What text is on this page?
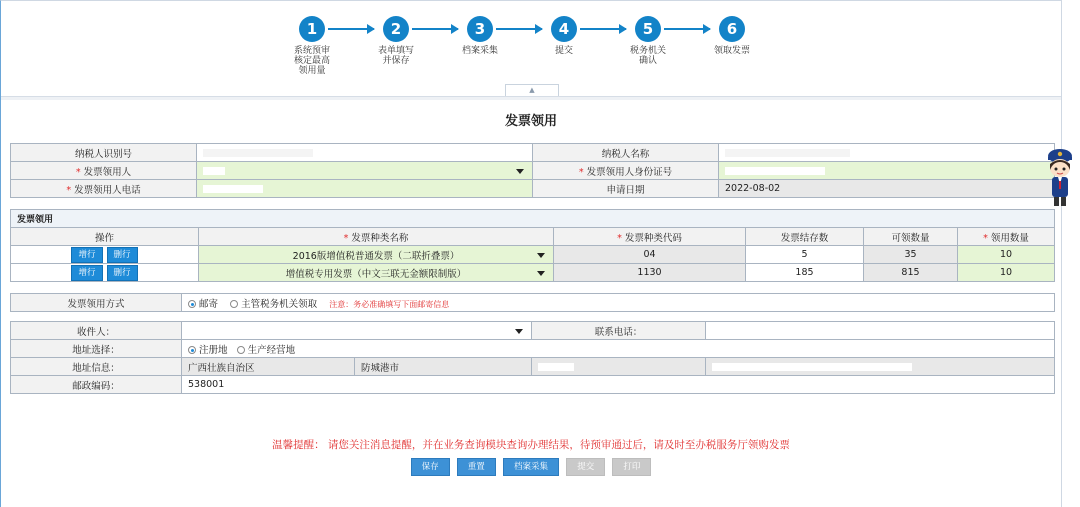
1
系统预审
核定最高
领用量
2
表单填写
并保存
3
档案采集
4
提交
5
税务机关
确认
6
领取发票
▲
发票领用
纳税人识别号		纳税人名称	
* 发票领用人		* 发票领用人身份证号	
* 发票领用人电话		申请日期	2022-08-02
发票领用					
操作	* 发票种类名称	* 发票种类代码	发票结存数	可领数量	* 领用数量
增行 删行	2016版增值税普通发票（二联折叠票）	04	5	35	10
增行 删行	增值税专用发票（中文三联无金额限制版）	1130	185	815	10
发票领用方式	邮寄 主管税务机关领取 注意：务必准确填写下面邮寄信息
收件人：			联系电话：	
地址选择：	注册地 生产经营地			
地址信息：	广西壮族自治区	防城港市		
邮政编码：	538001			
温馨提醒： 请您关注消息提醒，并在业务查询模块查询办理结果，待预审通过后，请及时至办税服务厅领购发票
保存	重置	档案采集	提交	打印
